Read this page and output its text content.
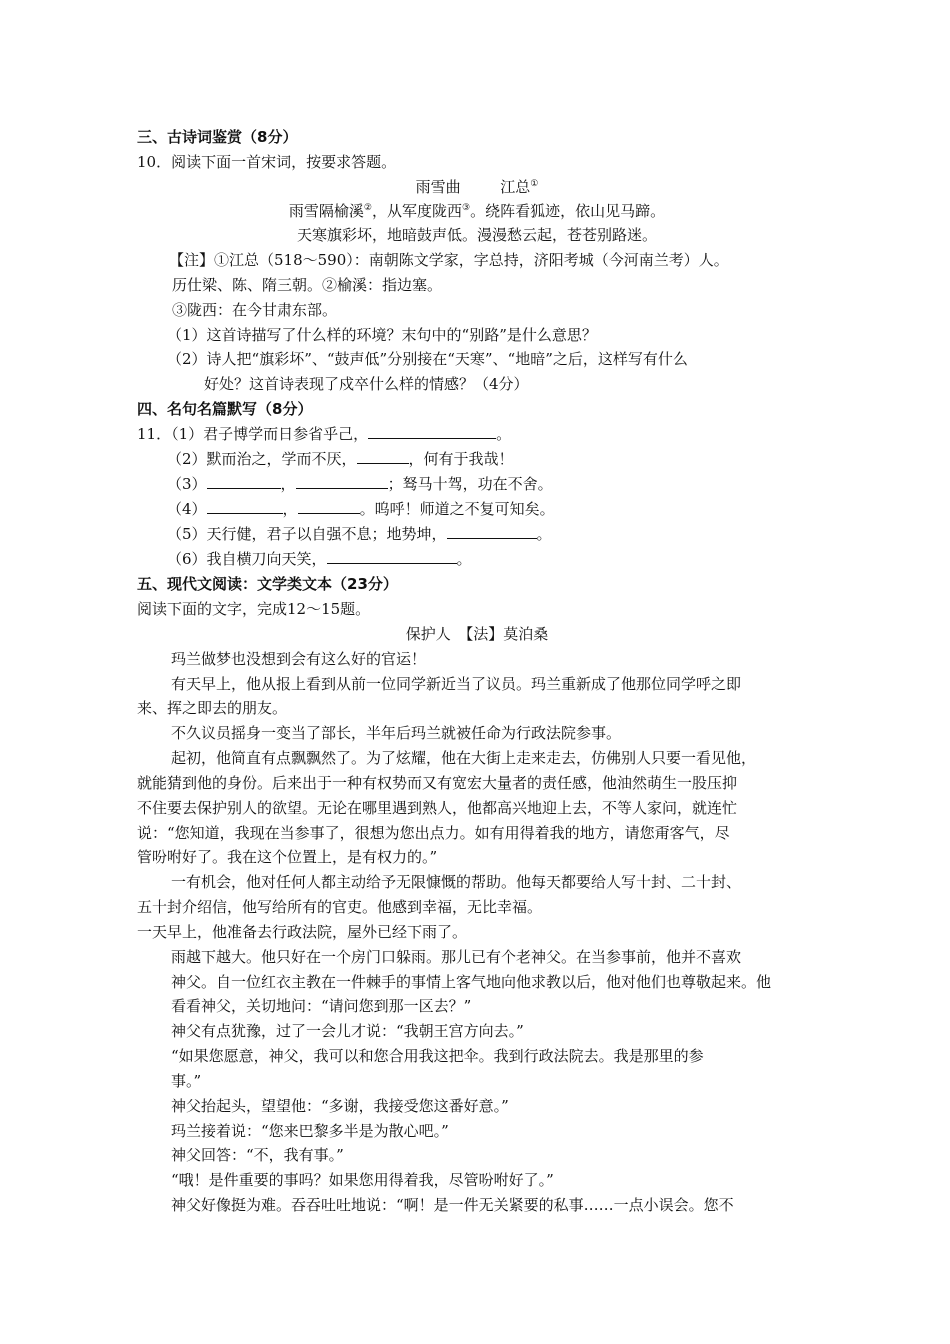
三、古诗词鉴赏（8分）
10．阅读下面一首宋词，按要求答题。
雨雪曲	江总①
雨雪隔榆溪②，从军度陇西③。绕阵看狐迹，依山见马蹄。
天寒旗彩坏，地暗鼓声低。漫漫愁云起，苍苍别路迷。
【注】①江总（518～590）：南朝陈文学家，字总持，济阳考城（今河南兰考）人。
历仕梁、陈、隋三朝。②榆溪：指边塞。
③陇西：在今甘肃东部。
（1）这首诗描写了什么样的环境？末句中的“别路”是什么意思？
（2）诗人把“旗彩坏”、“鼓声低”分别接在“天寒”、“地暗”之后，这样写有什么
好处？这首诗表现了戍卒什么样的情感？（4分）
四、名句名篇默写（8分）
11．（1）君子博学而日参省乎己，	。
（2）默而治之，学而不厌，	，何有于我哉！
（3）	，	；驽马十驾，功在不舍。
（4）	，	。呜呼！师道之不复可知矣。
（5）天行健，君子以自强不息；地势坤，	。
（6）我自横刀向天笑，	。
五、现代文阅读：文学类文本（23分）
阅读下面的文字，完成12～15题。
保护人　【法】莫泊桑
玛兰做梦也没想到会有这么好的官运！
有天早上，他从报上看到从前一位同学新近当了议员。玛兰重新成了他那位同学呼之即
来、挥之即去的朋友。
不久议员摇身一变当了部长，半年后玛兰就被任命为行政法院参事。
起初，他简直有点飘飘然了。为了炫耀，他在大街上走来走去，仿佛别人只要一看见他，
就能猜到他的身份。后来出于一种有权势而又有宽宏大量者的责任感，他油然萌生一股压抑
不住要去保护别人的欲望。无论在哪里遇到熟人，他都高兴地迎上去，不等人家问，就连忙
说：“您知道，我现在当参事了，很想为您出点力。如有用得着我的地方，请您甭客气，尽
管吩咐好了。我在这个位置上，是有权力的。”
一有机会，他对任何人都主动给予无限慷慨的帮助。他每天都要给人写十封、二十封、
五十封介绍信，他写给所有的官吏。他感到幸福，无比幸福。
一天早上，他准备去行政法院，屋外已经下雨了。
雨越下越大。他只好在一个房门口躲雨。那儿已有个老神父。在当参事前，他并不喜欢
神父。自一位红衣主教在一件棘手的事情上客气地向他求教以后，他对他们也尊敬起来。他
看看神父，关切地问：“请问您到那一区去？”
神父有点犹豫，过了一会儿才说：“我朝王宫方向去。”
“如果您愿意，神父，我可以和您合用我这把伞。我到行政法院去。我是那里的参
事。”
神父抬起头，望望他：“多谢，我接受您这番好意。”
玛兰接着说：“您来巴黎多半是为散心吧。”
神父回答：“不，我有事。”
“哦！是件重要的事吗？如果您用得着我，尽管吩咐好了。”
神父好像挺为难。吞吞吐吐地说：“啊！是一件无关紧要的私事……一点小误会。您不
